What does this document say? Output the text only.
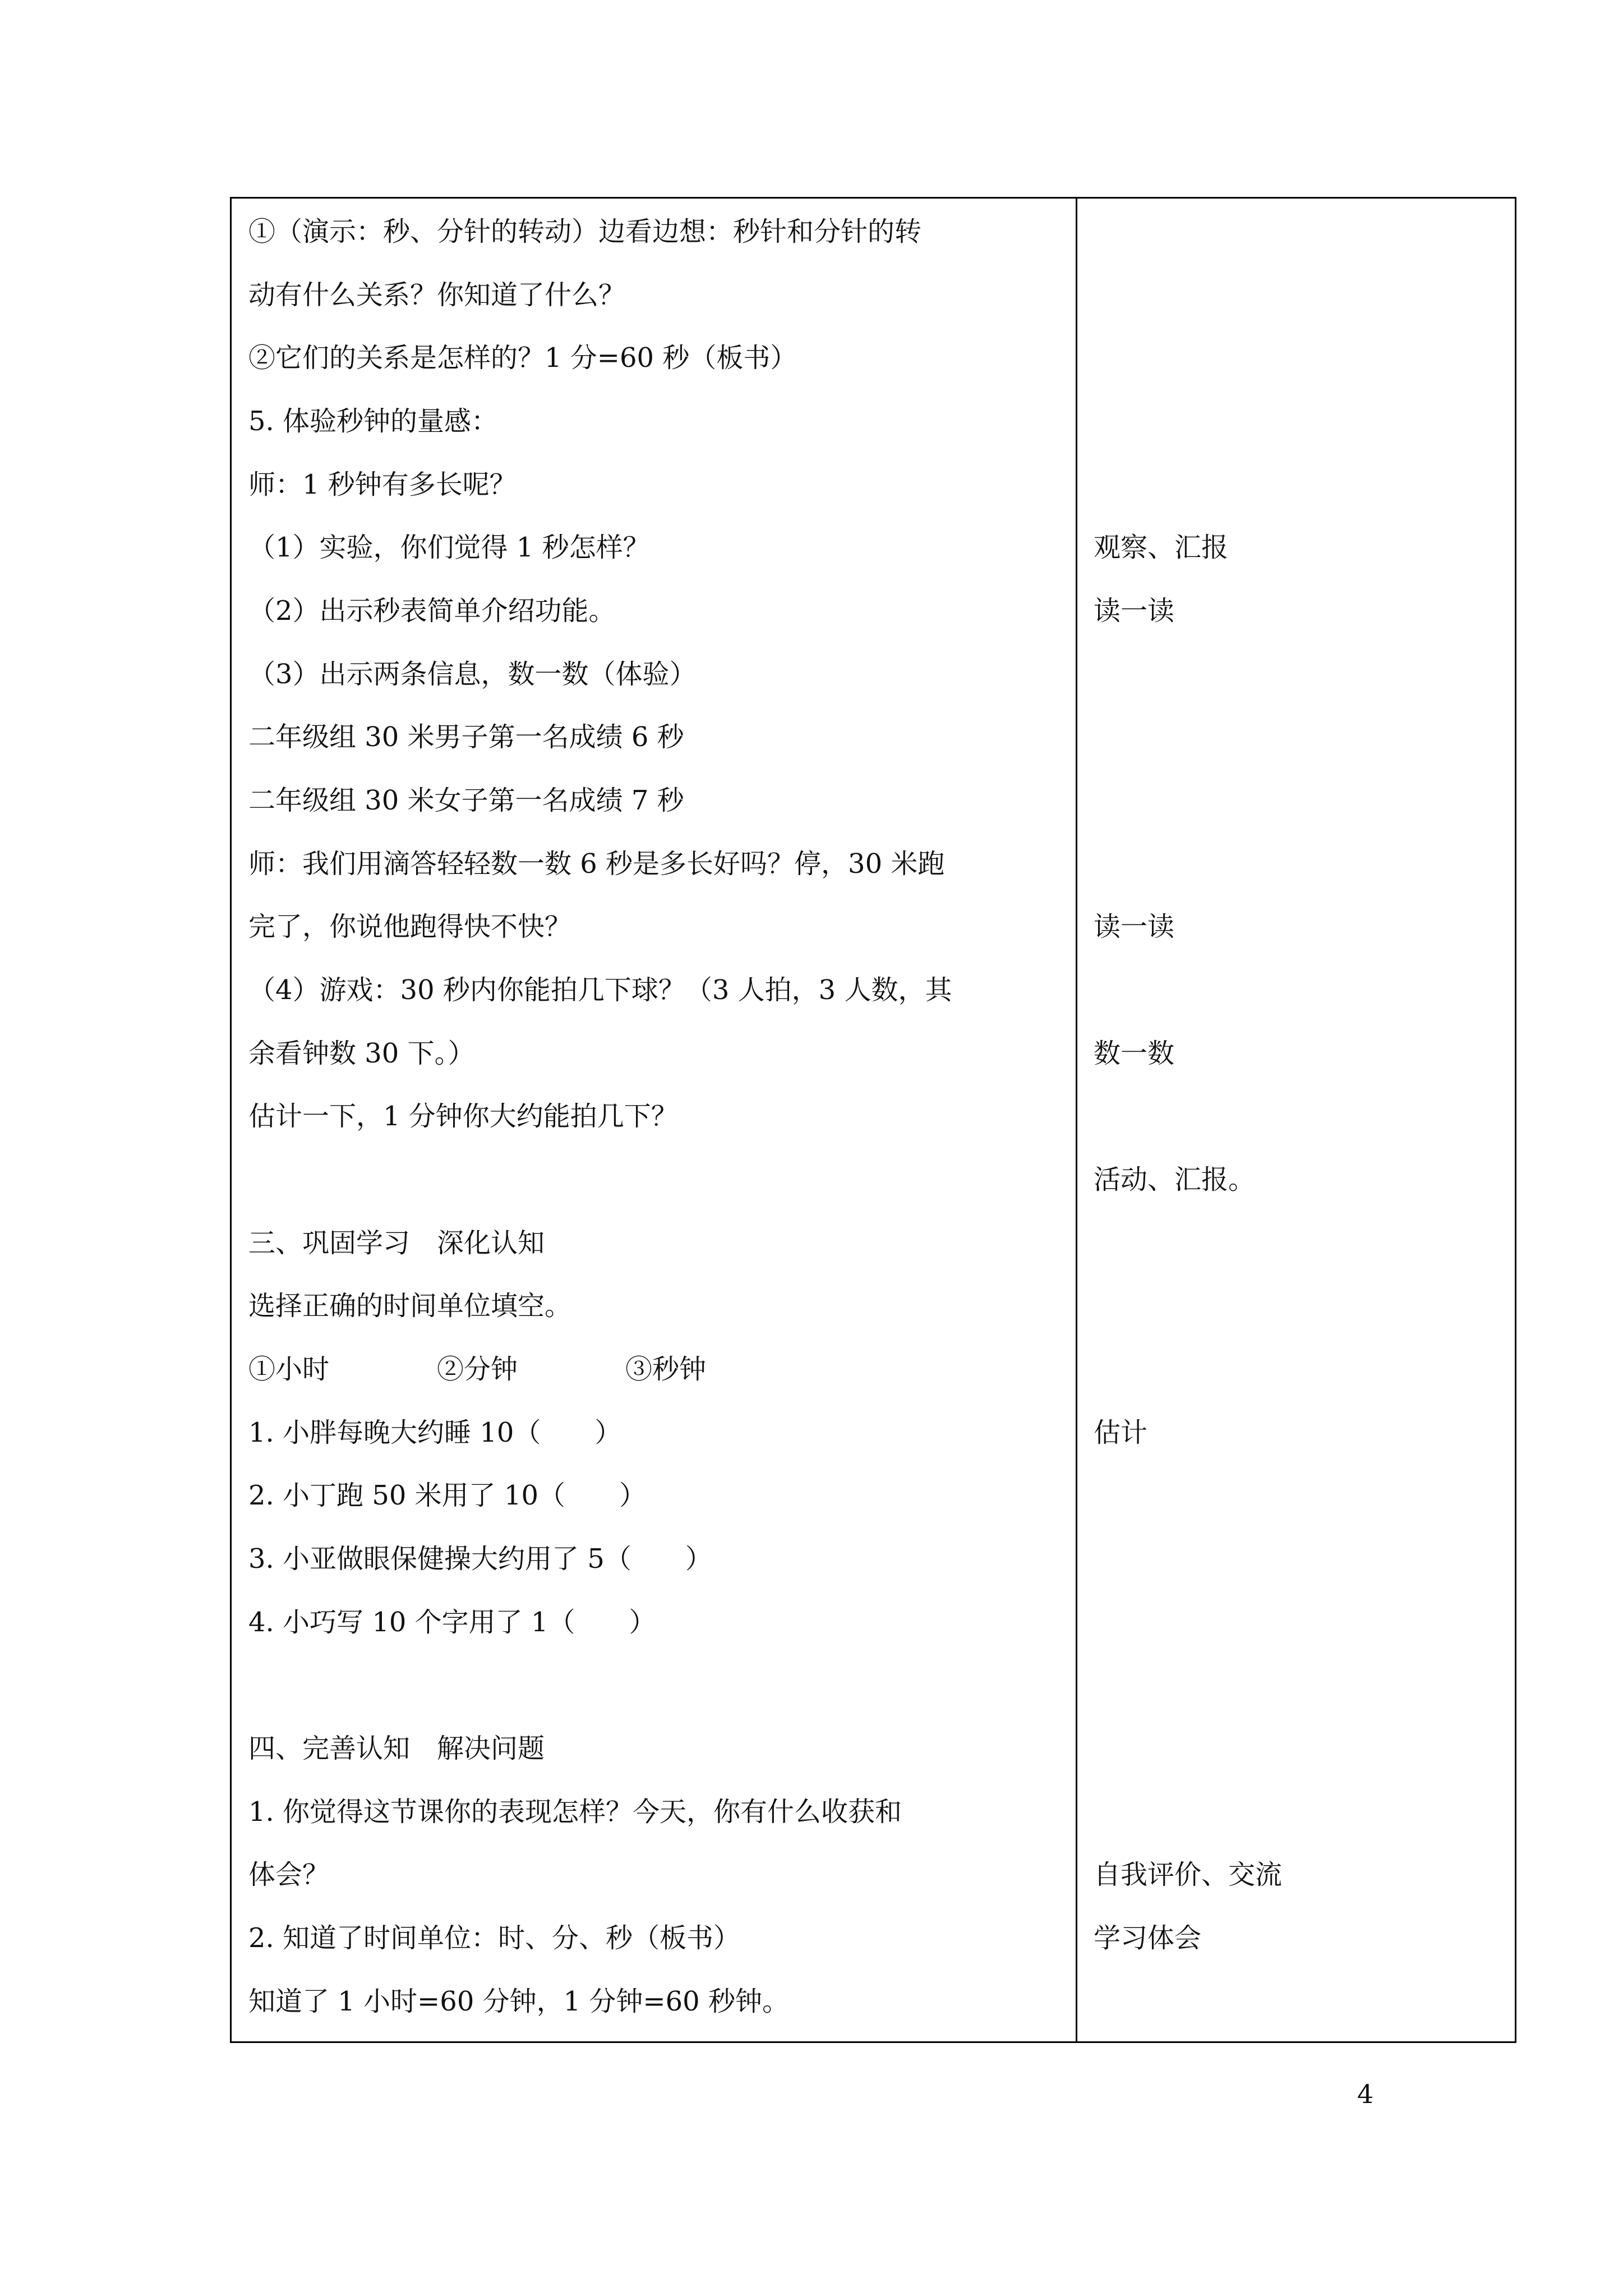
①（演示：秒、分针的转动）边看边想：秒针和分针的转
动有什么关系？你知道了什么？
②它们的关系是怎样的？1 分=60 秒（板书）
5. 体验秒钟的量感：
师：1 秒钟有多长呢？
（1）实验，你们觉得 1 秒怎样？
（2）出示秒表简单介绍功能。
（3）出示两条信息，数一数（体验）
二年级组 30 米男子第一名成绩 6 秒
二年级组 30 米女子第一名成绩 7 秒
师：我们用滴答轻轻数一数 6 秒是多长好吗？停，30 米跑
完了，你说他跑得快不快？
（4）游戏：30 秒内你能拍几下球？（3 人拍，3 人数，其
余看钟数 30 下。）
估计一下，1 分钟你大约能拍几下？
三、巩固学习　深化认知
选择正确的时间单位填空。
①小时　　　　②分钟　　　　③秒钟
1. 小胖每晚大约睡 10（　　）
2. 小丁跑 50 米用了 10（　　）
3. 小亚做眼保健操大约用了 5（　　）
4. 小巧写 10 个字用了 1（　　）
四、完善认知　解决问题
1. 你觉得这节课你的表现怎样？今天，你有什么收获和
体会？
2. 知道了时间单位：时、分、秒（板书）
知道了 1 小时=60 分钟，1 分钟=60 秒钟。
观察、汇报
读一读
读一读
数一数
活动、汇报。
估计
自我评价、交流
学习体会
4
